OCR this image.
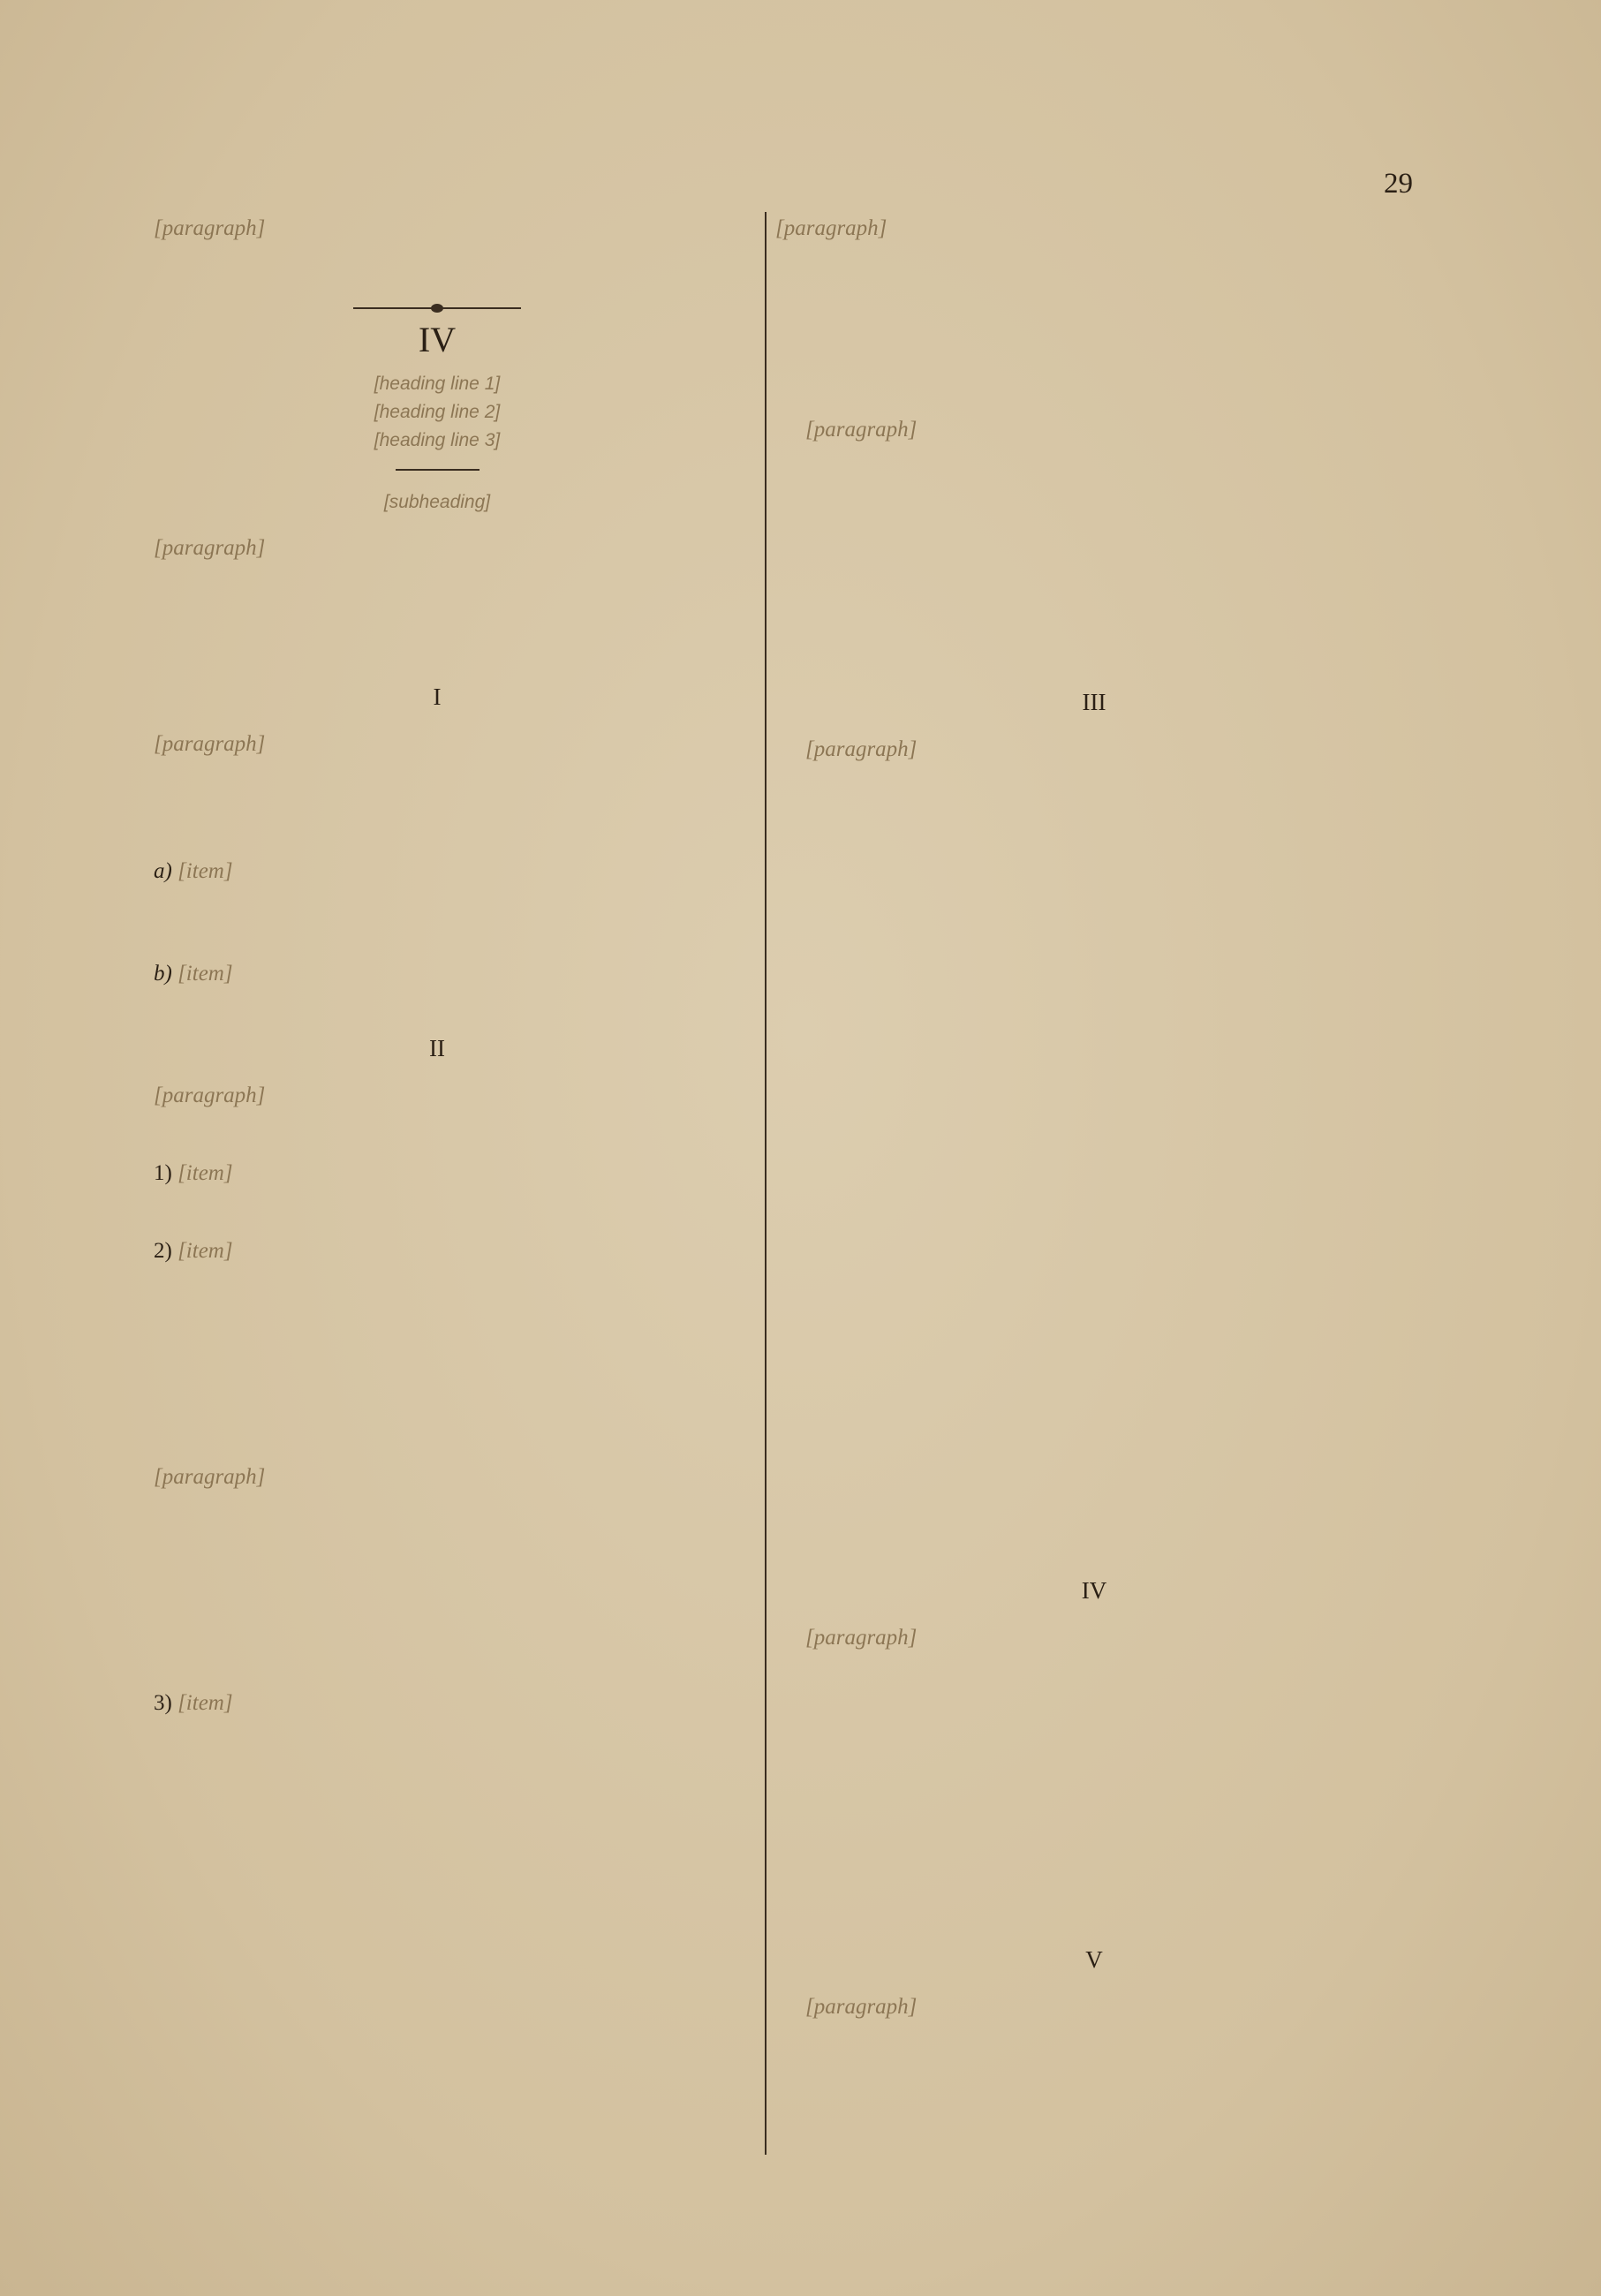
29

[paragraph]

IV
[heading line 1]
[heading line 2]
[heading line 3]
[subheading]

[paragraph]

I

[paragraph]

a) [item]

b) [item]

II

[paragraph]

1) [item]

2) [item]

[paragraph]

3) [item]

[paragraph]

[paragraph]

III

[paragraph]

IV

[paragraph]

V

[paragraph]
